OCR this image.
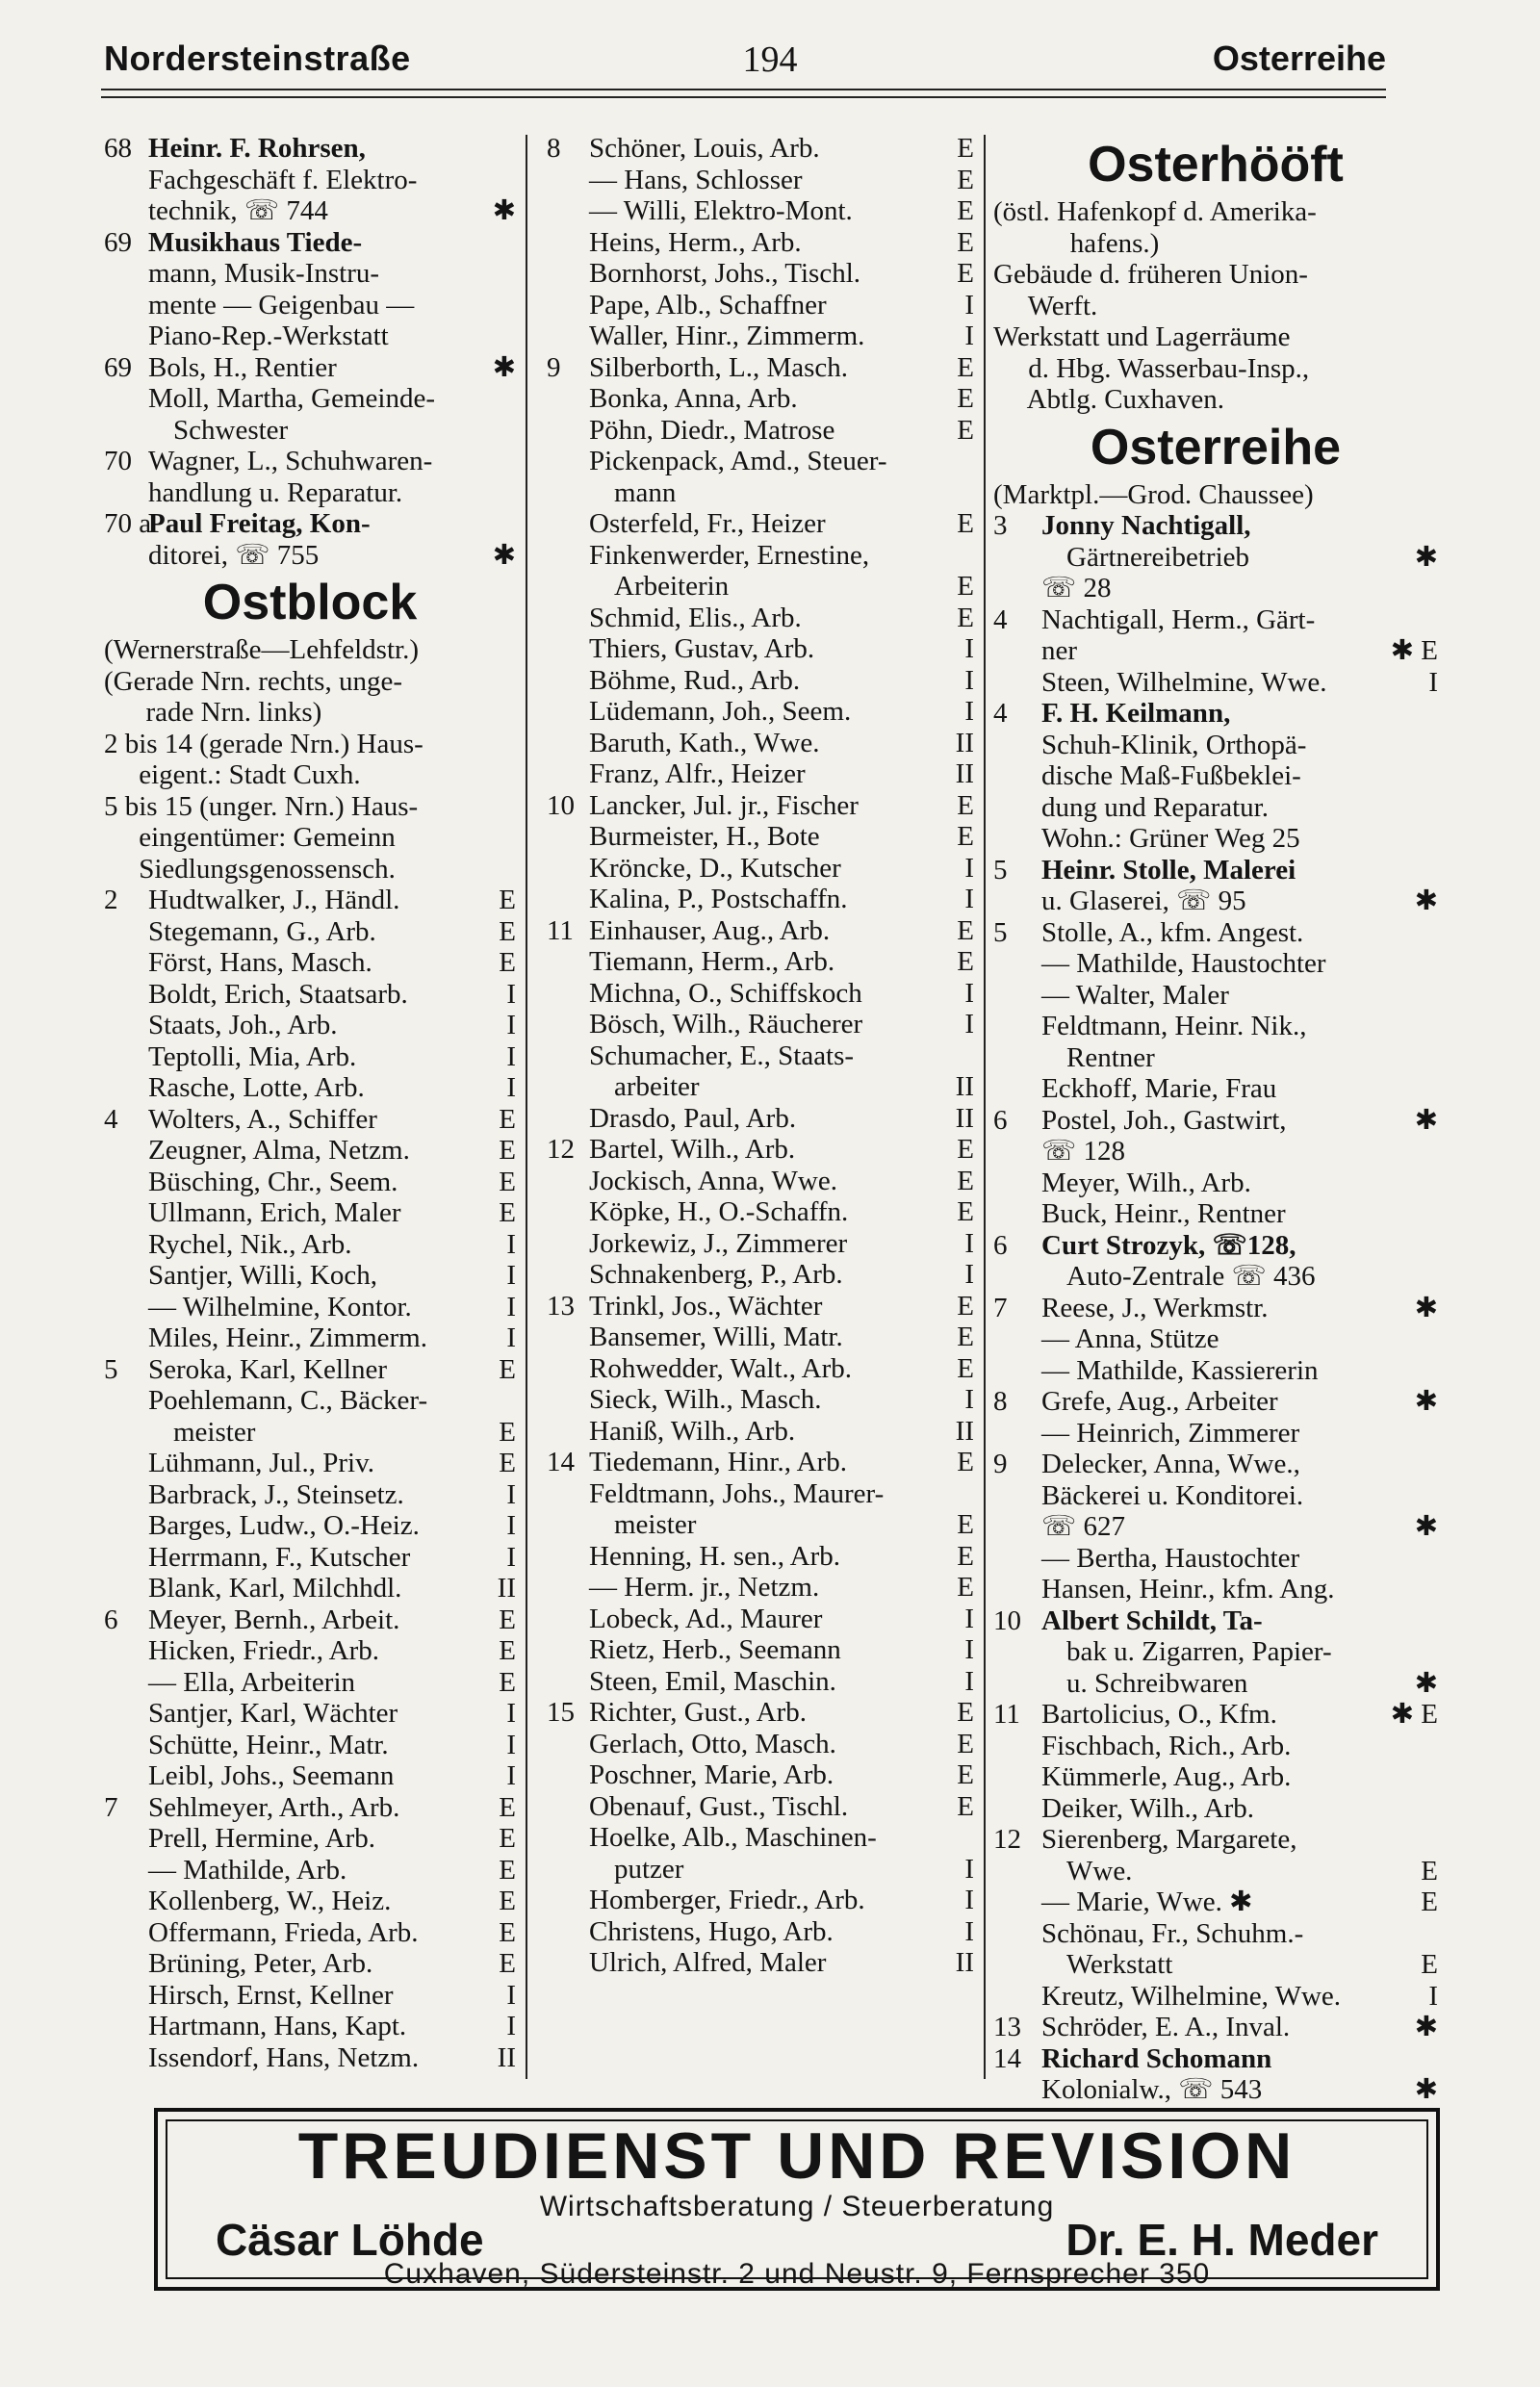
Nordersteinstraße	194	Osterreihe
68 Heinr. F. Rohrsen,
Fachgeschäft f. Elektro-
technik, ☏ 744	✱
69 Musikhaus Tiede-
mann, Musik-Instru-
mente — Geigenbau —
Piano-Rep.-Werkstatt
69 Bols, H., Rentier	✱
Moll, Martha, Gemeinde-
Schwester
70 Wagner, L., Schuhwaren-
handlung u. Reparatur.
70 a
Paul Freitag, Kon-
ditorei, ☏ 755	✱
Ostblock
(Wernerstraße—Lehfeldstr.)
(Gerade Nrn. rechts, unge-
rade Nrn. links)
2 bis 14 (gerade Nrn.) Haus-
eigent.: Stadt Cuxh.
5 bis 15 (unger. Nrn.) Haus-
eingentümer: Gemeinn
Siedlungsgenossensch.
2	Hudtwalker, J., Händl.	E
Stegemann, G., Arb.	E
Först, Hans, Masch.	E
Boldt, Erich, Staatsarb.	I
Staats, Joh., Arb.	I
Teptolli, Mia, Arb.	I
Rasche, Lotte, Arb.	I
4	Wolters, A., Schiffer	E
Zeugner, Alma, Netzm.	E
Büsching, Chr., Seem.	E
Ullmann, Erich, Maler	E
Rychel, Nik., Arb.	I
Santjer, Willi, Koch,	I
— Wilhelmine, Kontor.	I
Miles, Heinr., Zimmerm.	I
5	Seroka, Karl, Kellner	E
Poehlemann, C., Bäcker-
meister	E
Lühmann, Jul., Priv.	E
Barbrack, J., Steinsetz.	I
Barges, Ludw., O.-Heiz.	I
Herrmann, F., Kutscher	I
Blank, Karl, Milchhdl.	II
6	Meyer, Bernh., Arbeit.	E
Hicken, Friedr., Arb.	E
— Ella, Arbeiterin	E
Santjer, Karl, Wächter	I
Schütte, Heinr., Matr.	I
Leibl, Johs., Seemann	I
7	Sehlmeyer, Arth., Arb.	E
Prell, Hermine, Arb.	E
— Mathilde, Arb.	E
Kollenberg, W., Heiz.	E
Offermann, Frieda, Arb.	E
Brüning, Peter, Arb.	E
Hirsch, Ernst, Kellner	I
Hartmann, Hans, Kapt.	I
Issendorf, Hans, Netzm.	II
8	Schöner, Louis, Arb.	E
— Hans, Schlosser	E
— Willi, Elektro-Mont.	E
Heins, Herm., Arb.	E
Bornhorst, Johs., Tischl.	E
Pape, Alb., Schaffner	I
Waller, Hinr., Zimmerm.	I
9	Silberborth, L., Masch.	E
Bonka, Anna, Arb.	E
Pöhn, Diedr., Matrose	E
Pickenpack, Amd., Steuer-
mann
Osterfeld, Fr., Heizer	E
Finkenwerder, Ernestine,
Arbeiterin	E
Schmid, Elis., Arb.	E
Thiers, Gustav, Arb.	I
Böhme, Rud., Arb.	I
Lüdemann, Joh., Seem.	I
Baruth, Kath., Wwe.	II
Franz, Alfr., Heizer	II
10 Lancker, Jul. jr., Fischer	E
Burmeister, H., Bote	E
Kröncke, D., Kutscher	I
Kalina, P., Postschaffn.	I
11 Einhauser, Aug., Arb.	E
Tiemann, Herm., Arb.	E
Michna, O., Schiffskoch	I
Bösch, Wilh., Räucherer	I
Schumacher, E., Staats-
arbeiter	II
Drasdo, Paul, Arb.	II
12 Bartel, Wilh., Arb.	E
Jockisch, Anna, Wwe.	E
Köpke, H., O.-Schaffn.	E
Jorkewiz, J., Zimmerer	I
Schnakenberg, P., Arb.	I
13 Trinkl, Jos., Wächter	E
Bansemer, Willi, Matr.	E
Rohwedder, Walt., Arb.	E
Sieck, Wilh., Masch.	I
Hanіß, Wilh., Arb.	II
14 Tiedemann, Hinr., Arb.	E
Feldtmann, Johs., Maurer-
meister	E
Henning, H. sen., Arb.	E
— Herm. jr., Netzm.	E
Lobeck, Ad., Maurer	I
Rietz, Herb., Seemann	I
Steen, Emil, Maschin.	I
15 Richter, Gust., Arb.	E
Gerlach, Otto, Masch.	E
Poschner, Marie, Arb.	E
Obenauf, Gust., Tischl.	E
Hoelke, Alb., Maschinen-
putzer	I
Homberger, Friedr., Arb.	I
Christens, Hugo, Arb.	I
Ulrich, Alfred, Maler	II
Osterhööft
(östl. Hafenkopf d. Amerika-
hafens.)
Gebäude d. früheren Union-
Werft.
Werkstatt und Lagerräume
d. Hbg. Wasserbau-Insp.,
Abtlg. Cuxhaven.
Osterreihe
(Marktpl.—Grod. Chaussee)
3	Jonny Nachtigall,
Gärtnereibetrieb	✱
☏ 28
4	Nachtigall, Herm., Gärt-
ner	✱ E
Steen, Wilhelmine, Wwe.	I
4	F. H. Keilmann,
Schuh-Klinik, Orthopä-
dische Maß-Fußbeklei-
dung und Reparatur.
Wohn.: Grüner Weg 25
5	Heinr. Stolle, Malerei
u. Glaserei, ☏ 95	✱
5	Stolle, A., kfm. Angest.
— Mathilde, Haustochter
— Walter, Maler
Feldtmann, Heinr. Nik.,
Rentner
Eckhoff, Marie, Frau
6	Postel, Joh., Gastwirt,	✱
☏ 128
Meyer, Wilh., Arb.
Buck, Heinr., Rentner
6	Curt Strozyk, ☏128,
Auto-Zentrale ☏ 436
7	Reese, J., Werkmstr.	✱
— Anna, Stütze
— Mathilde, Kassiererin
8	Grefe, Aug., Arbeiter	✱
— Heinrich, Zimmerer
9	Delecker, Anna, Wwe.,
Bäckerei u. Konditorei.
☏ 627	✱
— Bertha, Haustochter
Hansen, Heinr., kfm. Ang.
10 Albert Schildt, Ta-
bak u. Zigarren, Papier-
u. Schreibwaren	✱
11 Bartolicius, O., Kfm.	✱ E
Fischbach, Rich., Arb.
Kümmerle, Aug., Arb.
Deiker, Wilh., Arb.
12 Sierenberg, Margarete,
Wwe.	E
— Marie, Wwe. ✱	E
Schönau, Fr., Schuhm.-
Werkstatt	E
Kreutz, Wilhelmine, Wwe.	I
13 Schröder, E. A., Inval.	✱
14 Richard Schomann
Kolonialw., ☏ 543	✱
TREUDIENST UND REVISION
Wirtschaftsberatung / Steuerberatung
Cäsar Löhde	Dr. E. H. Meder
Cuxhaven, Südersteinstr. 2 und Neustr. 9, Fernsprecher 350
